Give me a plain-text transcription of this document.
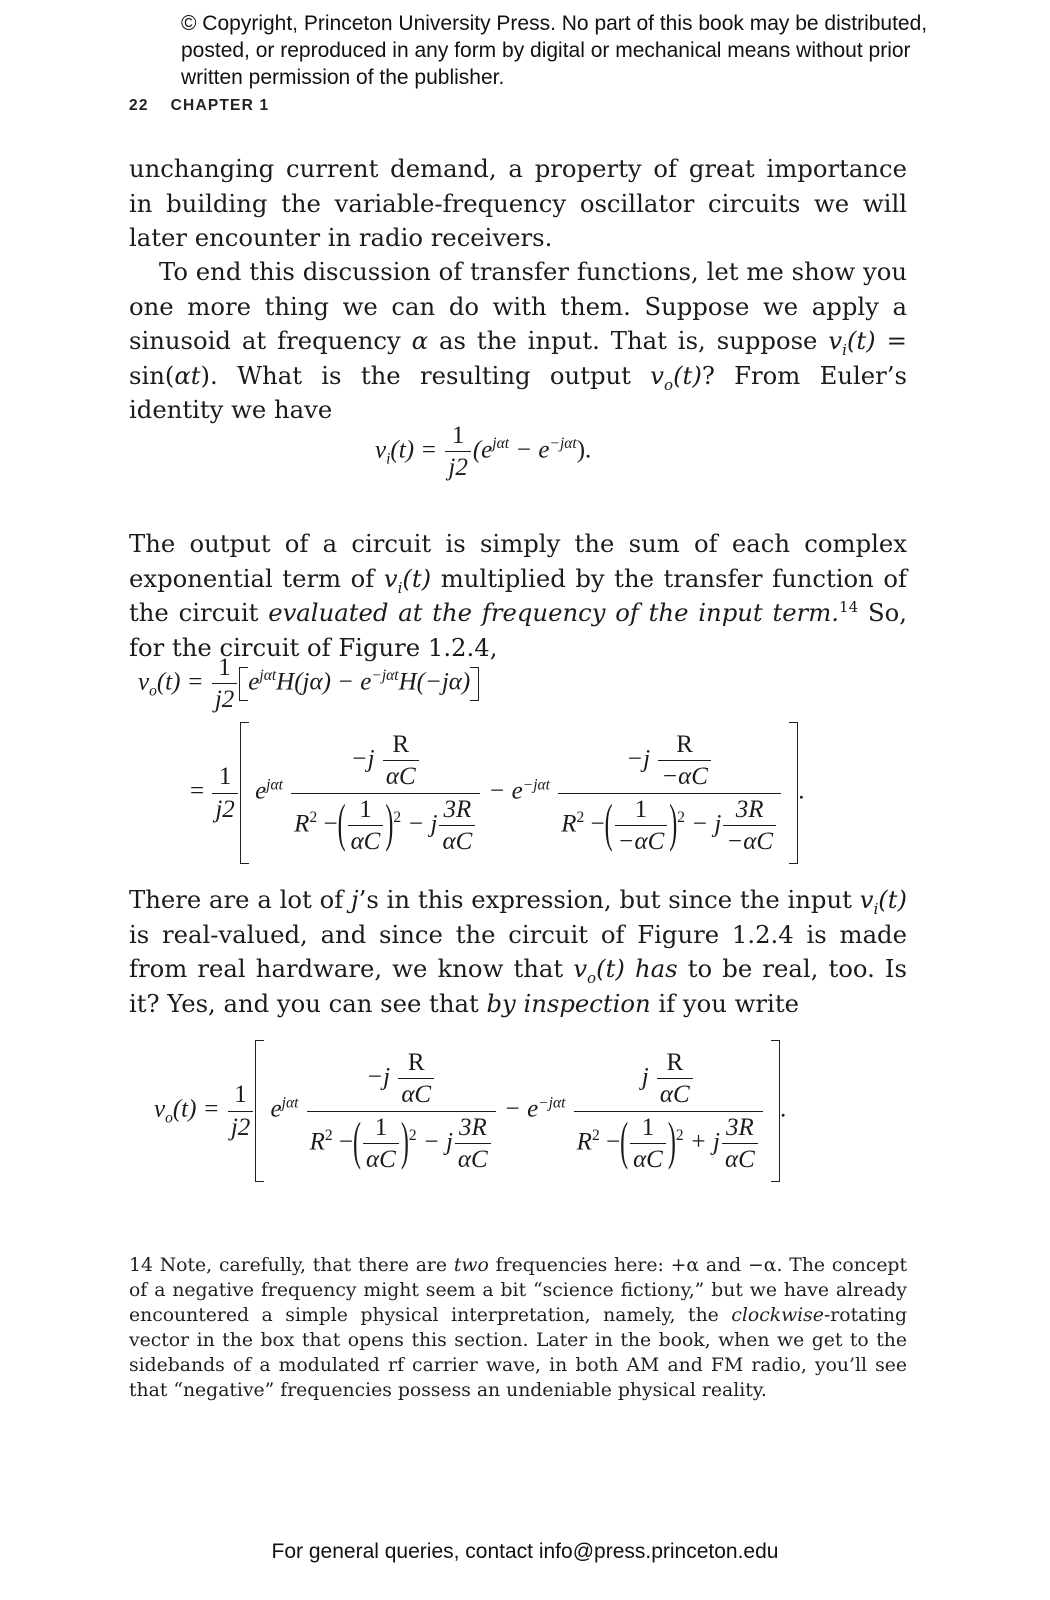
© Copyright, Princeton University Press. No part of this book may be distributed, posted, or reproduced in any form by digital or mechanical means without prior written permission of the publisher.
22 CHAPTER 1

unchanging current demand, a property of great importance in building the variable-frequency oscillator circuits we will later encounter in radio receivers.

To end this discussion of transfer functions, let me show you one more thing we can do with them. Suppose we apply a sinusoid at frequency α as the input. That is, suppose $v_i(t) = \sin(\alpha t)$. What is the resulting output $v_o(t)$? From Euler’s identity we have

$v_i(t) = \frac{1}{j2} (e^{j\alpha t} - e^{-j\alpha t})$.

The output of a circuit is simply the sum of each complex exponential term of $v_i(t)$ multiplied by the transfer function of the circuit evaluated at the frequency of the input term.$^{14}$ So, for the circuit of Figure 1.2.4,

$v_o(t) = \frac{1}{j2} e^{j\alpha t}H(j\alpha) - e^{-j\alpha t}H(-j\alpha)$
= $\frac{1}{j2} e^{j\alpha t} \frac{-j \frac{R}{\alpha C}}{R^2 -( \frac{1}{\alpha C} )^2 - j \frac{3R}{\alpha C}} - e^{-j\alpha t} \frac{-j \frac{R}{-\alpha C}}{R^2 -( \frac{1}{-\alpha C} )^2 - j \frac{3R}{-\alpha C}}$ .

There are a lot of j’s in this expression, but since the input $v_i(t)$ is real-valued, and since the circuit of Figure 1.2.4 is made from real hardware, we know that $v_o(t)$ has to be real, too. Is it? Yes, and you can see that by inspection if you write

$v_o(t) = \frac{1}{j2} e^{j\alpha t} \frac{-j \frac{R}{\alpha C}}{R^2 -( \frac{1}{\alpha C} )^2 - j \frac{3R}{\alpha C}} - e^{-j\alpha t} \frac{j \frac{R}{\alpha C}}{R^2 -( \frac{1}{\alpha C} )^2 + j \frac{3R}{\alpha C}}$ .

14 Note, carefully, that there are two frequencies here: +α and −α. The concept of a negative frequency might seem a bit “science fictiony,” but we have already encountered a simple physical interpretation, namely, the clockwise-rotating vector in the box that opens this section. Later in the book, when we get to the sidebands of a modulated rf carrier wave, in both AM and FM radio, you’ll see that “negative” frequencies possess an undeniable physical reality.

For general queries, contact info@press.princeton.edu
